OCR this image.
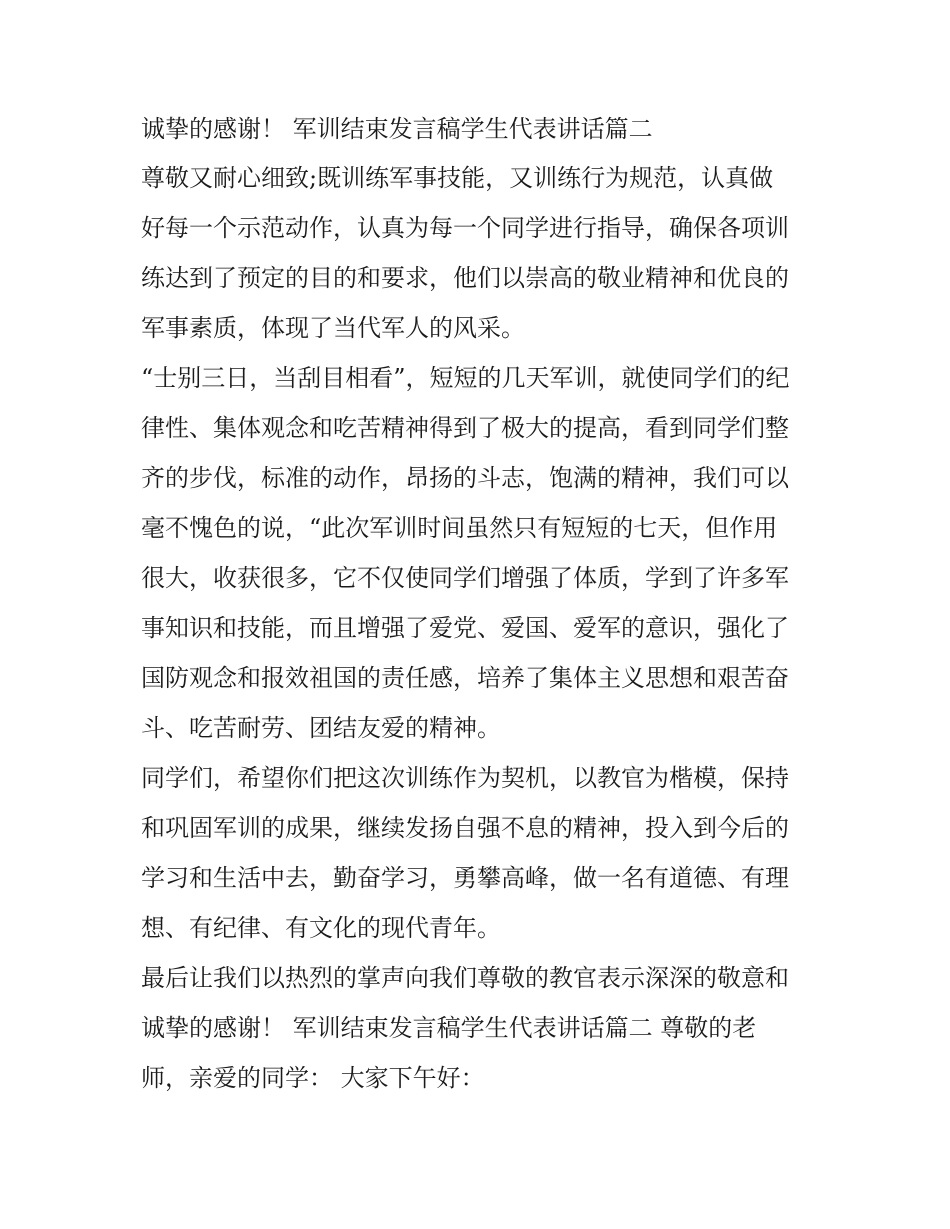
诚挚的感谢！ 军训结束发言稿学生代表讲话篇二
尊敬又耐心细致;既训练军事技能，又训练行为规范，认真做
好每一个示范动作，认真为每一个同学进行指导，确保各项训
练达到了预定的目的和要求，他们以崇高的敬业精神和优良的
军事素质，体现了当代军人的风采。
“士别三日，当刮目相看”，短短的几天军训，就使同学们的纪
律性、集体观念和吃苦精神得到了极大的提高，看到同学们整
齐的步伐，标准的动作，昂扬的斗志，饱满的精神，我们可以
毫不愧色的说，“此次军训时间虽然只有短短的七天，但作用
很大，收获很多，它不仅使同学们增强了体质，学到了许多军
事知识和技能，而且增强了爱党、爱国、爱军的意识，强化了
国防观念和报效祖国的责任感，培养了集体主义思想和艰苦奋
斗、吃苦耐劳、团结友爱的精神。
同学们，希望你们把这次训练作为契机，以教官为楷模，保持
和巩固军训的成果，继续发扬自强不息的精神，投入到今后的
学习和生活中去，勤奋学习，勇攀高峰，做一名有道德、有理
想、有纪律、有文化的现代青年。
最后让我们以热烈的掌声向我们尊敬的教官表示深深的敬意和
诚挚的感谢！ 军训结束发言稿学生代表讲话篇二 尊敬的老
师，亲爱的同学： 大家下午好：
